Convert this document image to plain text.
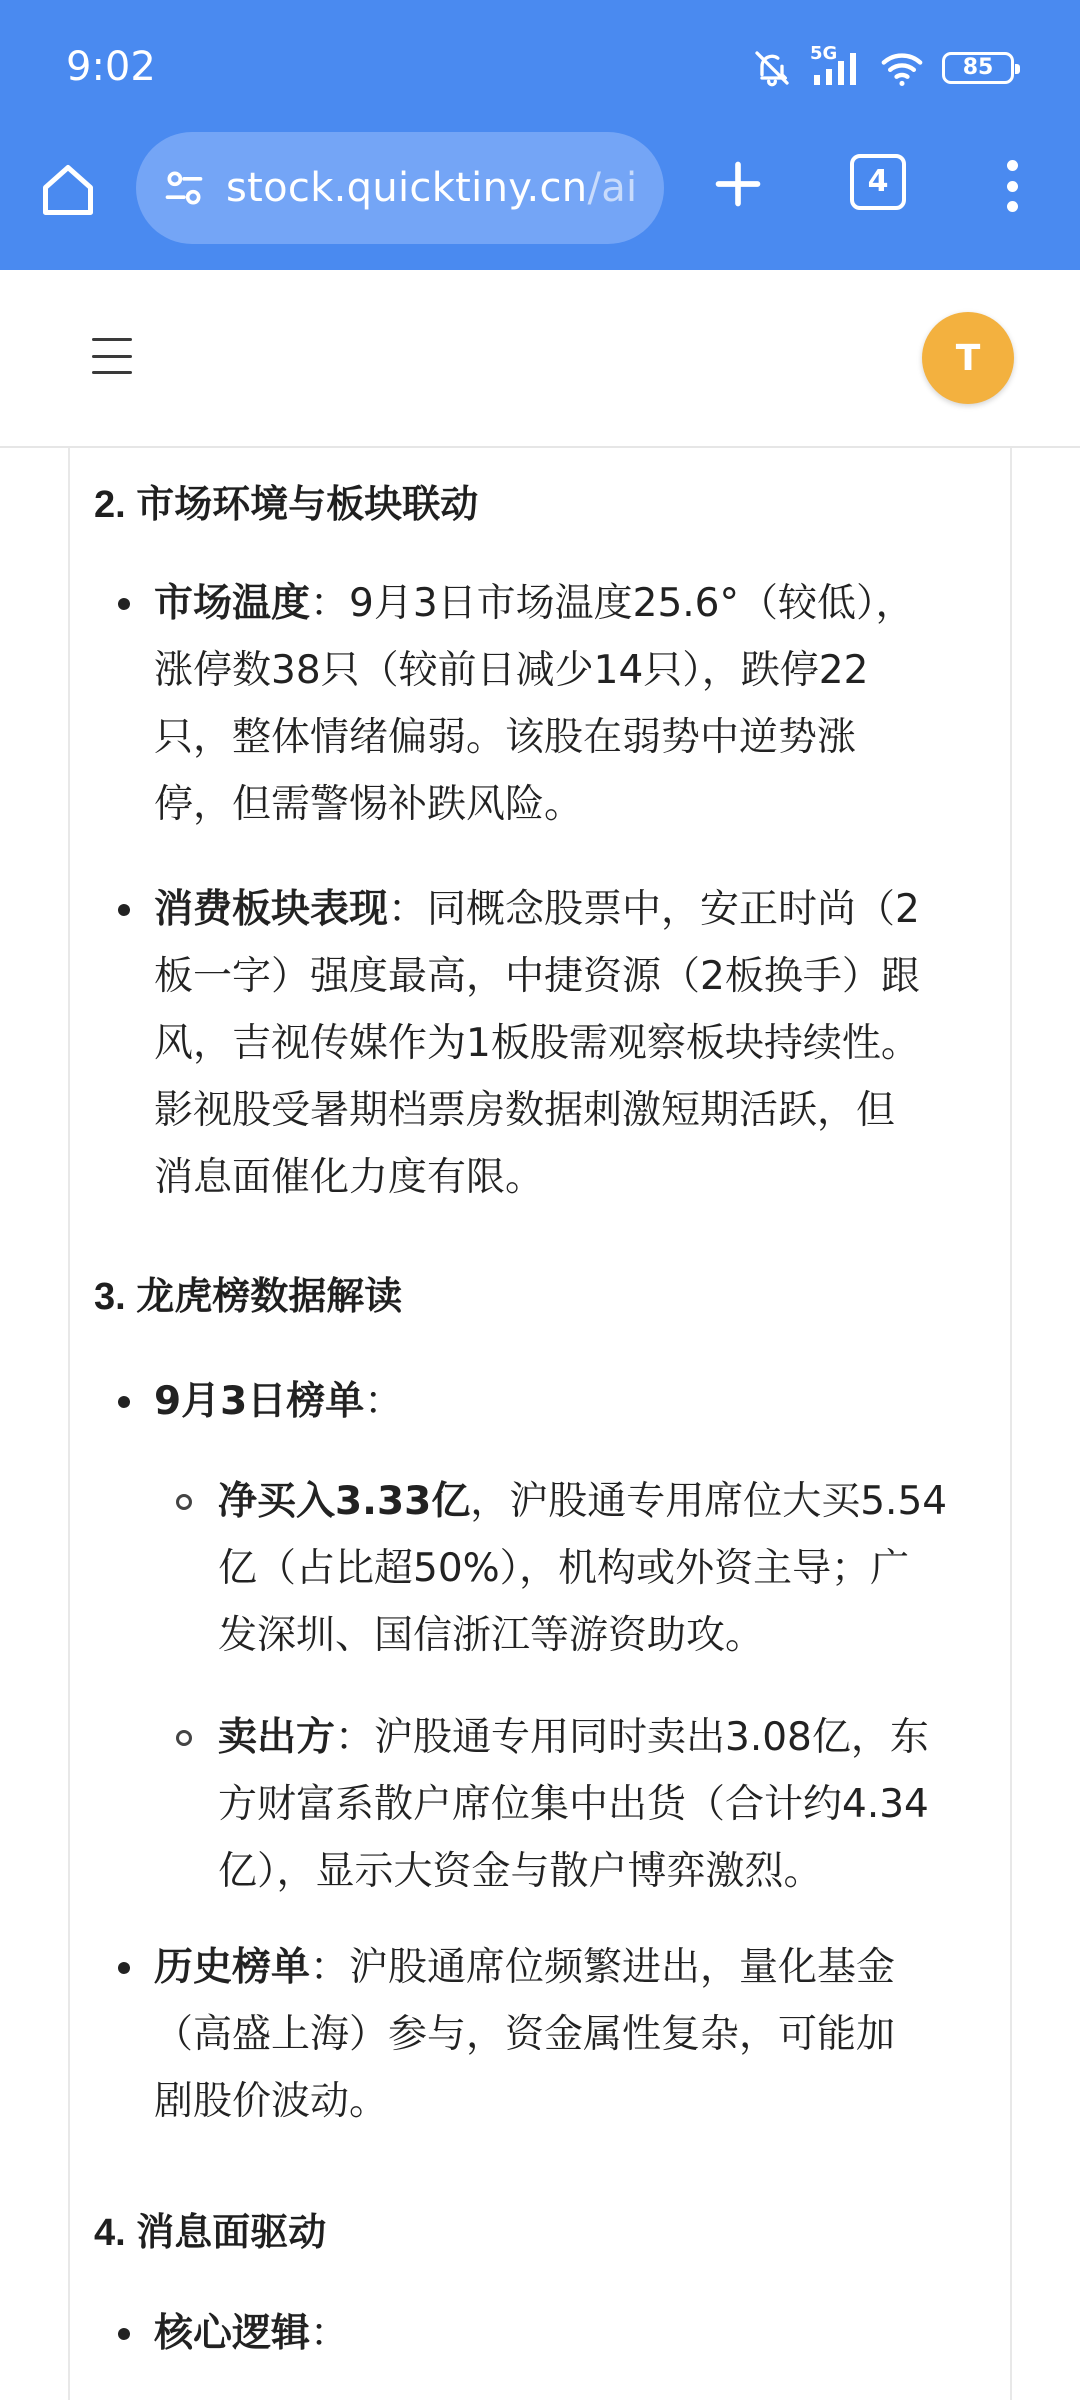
9:02	5G
85
stock.quicktiny.cn/ai	4
T
2. 市场环境与板块联动

市场温度：9月3日市场温度25.6°（较低），

涨停数38只（较前日减少14只），跌停22

只，整体情绪偏弱。该股在弱势中逆势涨

停，但需警惕补跌风险。

消费板块表现：同概念股票中，安正时尚（2

板一字）强度最高，中捷资源（2板换手）跟

风，吉视传媒作为1板股需观察板块持续性。

影视股受暑期档票房数据刺激短期活跃，但

消息面催化力度有限。

3. 龙虎榜数据解读

9月3日榜单：

净买入3.33亿，沪股通专用席位大买5.54

亿（占比超50%），机构或外资主导；广

发深圳、国信浙江等游资助攻。

卖出方：沪股通专用同时卖出3.08亿，东

方财富系散户席位集中出货（合计约4.34

亿），显示大资金与散户博弈激烈。

历史榜单：沪股通席位频繁进出，量化基金

（高盛上海）参与，资金属性复杂，可能加

剧股价波动。

4. 消息面驱动

核心逻辑：
